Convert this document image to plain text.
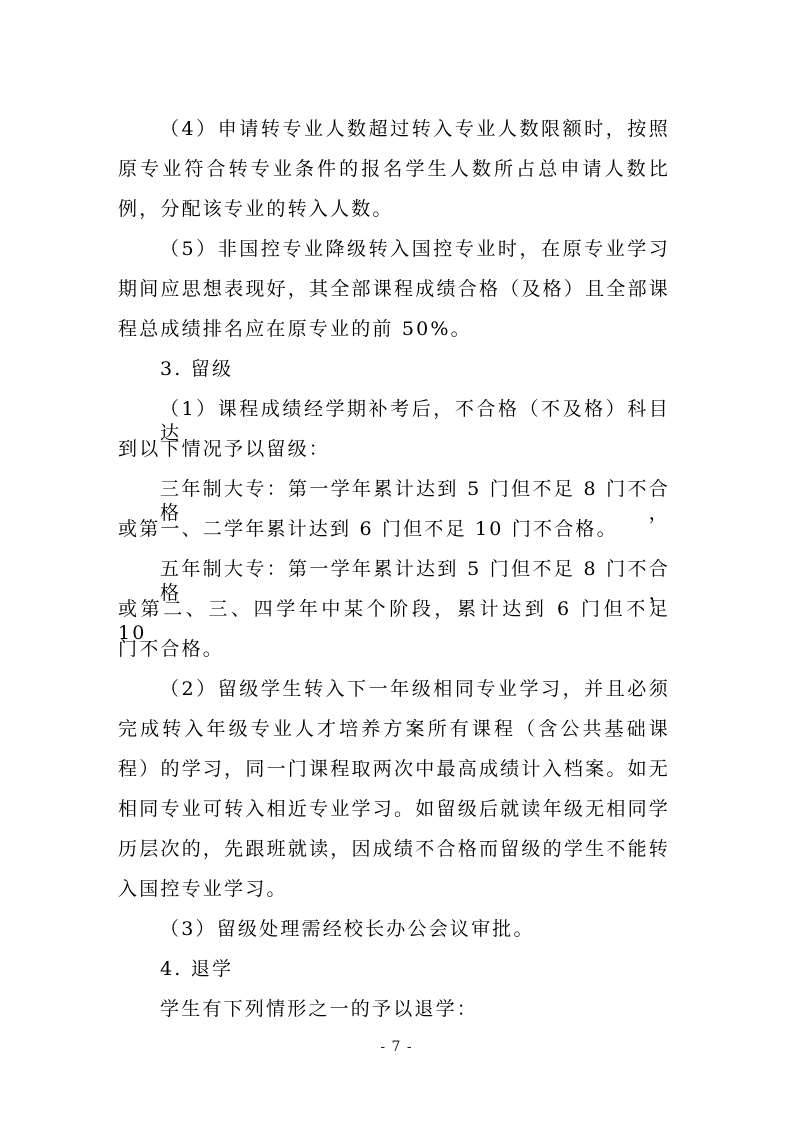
（4）申请转专业人数超过转入专业人数限额时，按照
原专业符合转专业条件的报名学生人数所占总申请人数比
例，分配该专业的转入人数。
（5）非国控专业降级转入国控专业时，在原专业学习
期间应思想表现好，其全部课程成绩合格（及格）且全部课
程总成绩排名应在原专业的前 50%。
3. 留级
（1）课程成绩经学期补考后，不合格（不及格）科目达
到以下情况予以留级：
三年制大专：第一学年累计达到 5 门但不足 8 门不合格，
或第一、二学年累计达到 6 门但不足 10 门不合格。
五年制大专：第一学年累计达到 5 门但不足 8 门不合格，
或第二、三、四学年中某个阶段，累计达到 6 门但不足 10
门不合格。
（2）留级学生转入下一年级相同专业学习，并且必须
完成转入年级专业人才培养方案所有课程（含公共基础课
程）的学习，同一门课程取两次中最高成绩计入档案。如无
相同专业可转入相近专业学习。如留级后就读年级无相同学
历层次的，先跟班就读，因成绩不合格而留级的学生不能转
入国控专业学习。
（3）留级处理需经校长办公会议审批。
4. 退学
学生有下列情形之一的予以退学：
- 7 -
